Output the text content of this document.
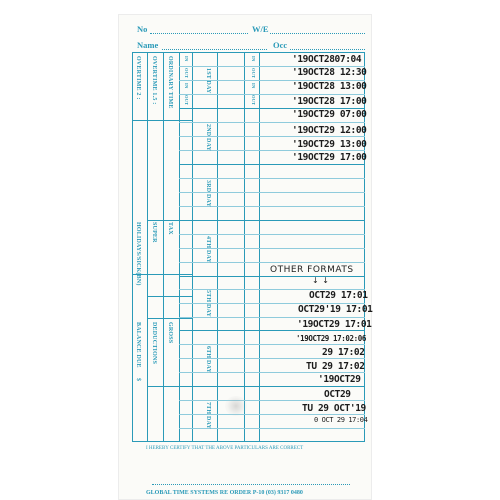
No	W/E
Name	Occ
OVERTIME 2 : OVERTIME 1.5 : ORDINARY TIME
HOLIDAYS/SICK(BN) SUPER TAX
BALANCE DUE DEDUCTIONS GROSS
$
1ST DAY
2ND DAY
3RD DAY
4TH DAY
5TH DAY
6TH DAY
7TH DAY
IN
OUT
IN
OUT
IN
OUT
IN
OUT
'19OCT2807:04
'19OCT28 12:30
'19OCT28 13:00
'19OCT28 17:00
'19OCT29 07:00
'19OCT29 12:00
'19OCT29 13:00
'19OCT29 17:00
OTHER FORMATS
↓ ↓
OCT29 17:01
OCT29'19 17:01
'19OCT29 17:01
'19OCT29 17:02:06
29 17:02
TU 29 17:02
'19OCT29
OCT29
TU 29 OCT'19
0 OCT 29 17:04
I HEREBY CERTIFY THAT THE ABOVE PARTICULARS ARE CORRECT
GLOBAL TIME SYSTEMS RE ORDER P-10 (03) 9317 0480
